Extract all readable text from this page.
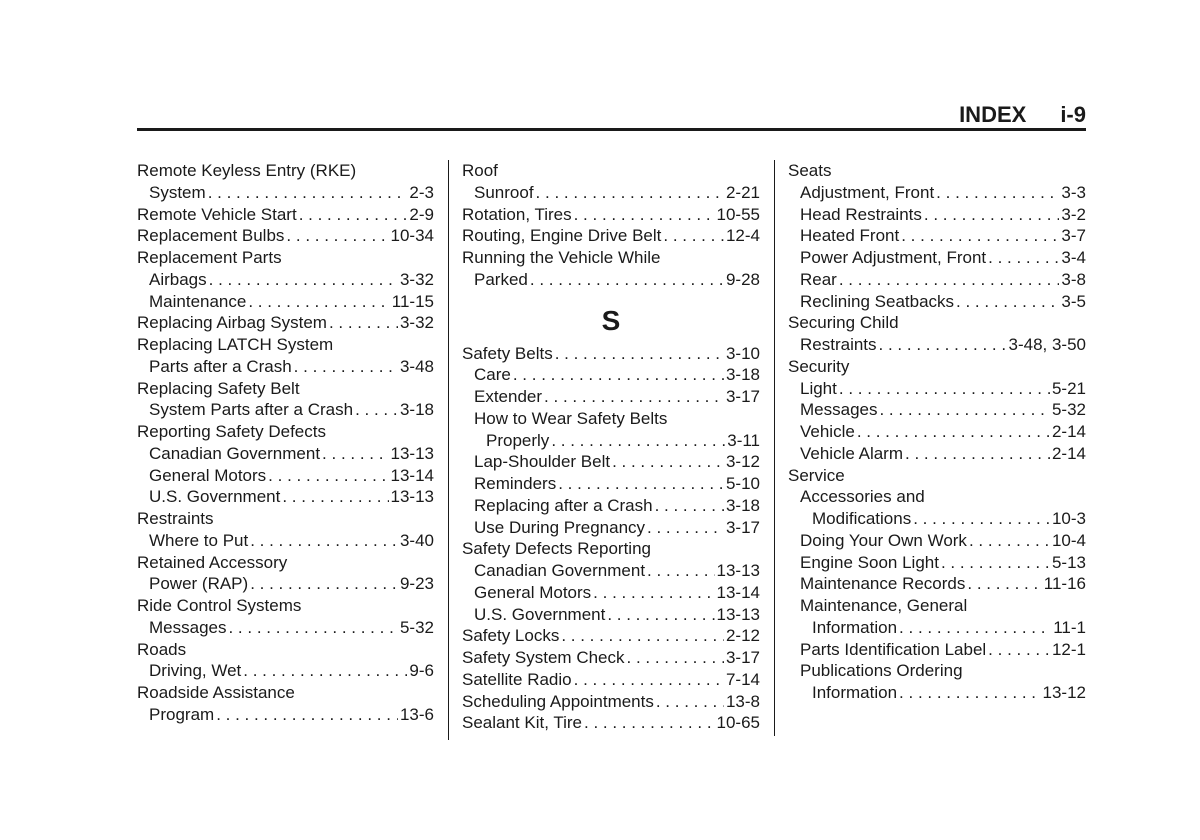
INDEX i-9
Remote Keyless Entry (RKE)
System . . .	2-3
Remote Vehicle Start . . .	2-9
Replacement Bulbs . . .	10-34
Replacement Parts
Airbags . . .	3-32
Maintenance . . .	11-15
Replacing Airbag System . . .	3-32
Replacing LATCH System
Parts after a Crash . . .	3-48
Replacing Safety Belt
System Parts after a Crash . . .	3-18
Reporting Safety Defects
Canadian Government . . .	13-13
General Motors . . .	13-14
U.S. Government . . .	13-13
Restraints
Where to Put . . .	3-40
Retained Accessory
Power (RAP) . . .	9-23
Ride Control Systems
Messages . . .	5-32
Roads
Driving, Wet . . .	9-6
Roadside Assistance
Program . . .	13-6
Roof
Sunroof . . .	2-21
Rotation, Tires . . .	10-55
Routing, Engine Drive Belt . . .	12-4
Running the Vehicle While
Parked . . .	9-28
S
Safety Belts . . .	3-10
Care . . .	3-18
Extender . . .	3-17
How to Wear Safety Belts
Properly . . .	3-11
Lap-Shoulder Belt . . .	3-12
Reminders . . .	5-10
Replacing after a Crash . . .	3-18
Use During Pregnancy . . .	3-17
Safety Defects Reporting
Canadian Government . . .	13-13
General Motors . . .	13-14
U.S. Government . . .	13-13
Safety Locks . . .	2-12
Safety System Check . . .	3-17
Satellite Radio . . .	7-14
Scheduling Appointments . . .	13-8
Sealant Kit, Tire . . .	10-65
Seats
Adjustment, Front . . .	3-3
Head Restraints . . .	3-2
Heated Front . . .	3-7
Power Adjustment, Front . . .	3-4
Rear . . .	3-8
Reclining Seatbacks . . .	3-5
Securing Child
Restraints . . .	3-48, 3-50
Security
Light . . .	5-21
Messages . . .	5-32
Vehicle . . .	2-14
Vehicle Alarm . . .	2-14
Service
Accessories and
Modifications . . .	10-3
Doing Your Own Work . . .	10-4
Engine Soon Light . . .	5-13
Maintenance Records . . .	11-16
Maintenance, General
Information . . .	11-1
Parts Identification Label . . .	12-1
Publications Ordering
Information . . .	13-12
